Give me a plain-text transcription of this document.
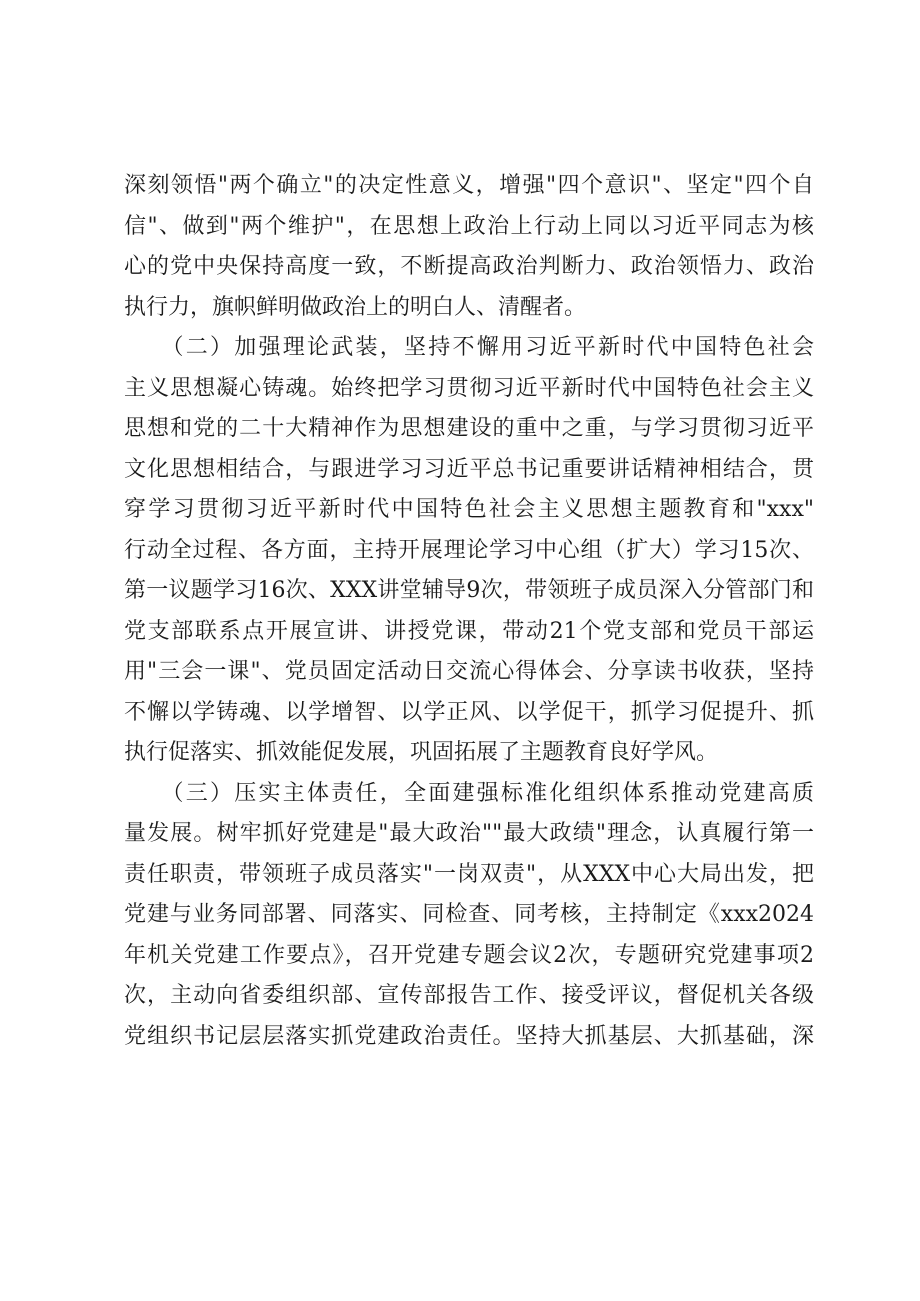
深刻领悟"两个确立"的决定性意义，增强"四个意识"、坚定"四个自
信"、做到"两个维护"，在思想上政治上行动上同以习近平同志为核
心的党中央保持高度一致，不断提高政治判断力、政治领悟力、政治
执行力，旗帜鲜明做政治上的明白人、清醒者。
　　（二）加强理论武装，坚持不懈用习近平新时代中国特色社会
主义思想凝心铸魂。始终把学习贯彻习近平新时代中国特色社会主义
思想和党的二十大精神作为思想建设的重中之重，与学习贯彻习近平
文化思想相结合，与跟进学习习近平总书记重要讲话精神相结合，贯
穿学习贯彻习近平新时代中国特色社会主义思想主题教育和"xxx"
行动全过程、各方面，主持开展理论学习中心组（扩大）学习15次、
第一议题学习16次、XXX讲堂辅导9次，带领班子成员深入分管部门和
党支部联系点开展宣讲、讲授党课，带动21个党支部和党员干部运
用"三会一课"、党员固定活动日交流心得体会、分享读书收获，坚持
不懈以学铸魂、以学增智、以学正风、以学促干，抓学习促提升、抓
执行促落实、抓效能促发展，巩固拓展了主题教育良好学风。
　　（三）压实主体责任，全面建强标准化组织体系推动党建高质
量发展。树牢抓好党建是"最大政治""最大政绩"理念，认真履行第一
责任职责，带领班子成员落实"一岗双责"，从XXX中心大局出发，把
党建与业务同部署、同落实、同检查、同考核，主持制定《xxx2024
年机关党建工作要点》，召开党建专题会议2次，专题研究党建事项2
次，主动向省委组织部、宣传部报告工作、接受评议，督促机关各级
党组织书记层层落实抓党建政治责任。坚持大抓基层、大抓基础，深
